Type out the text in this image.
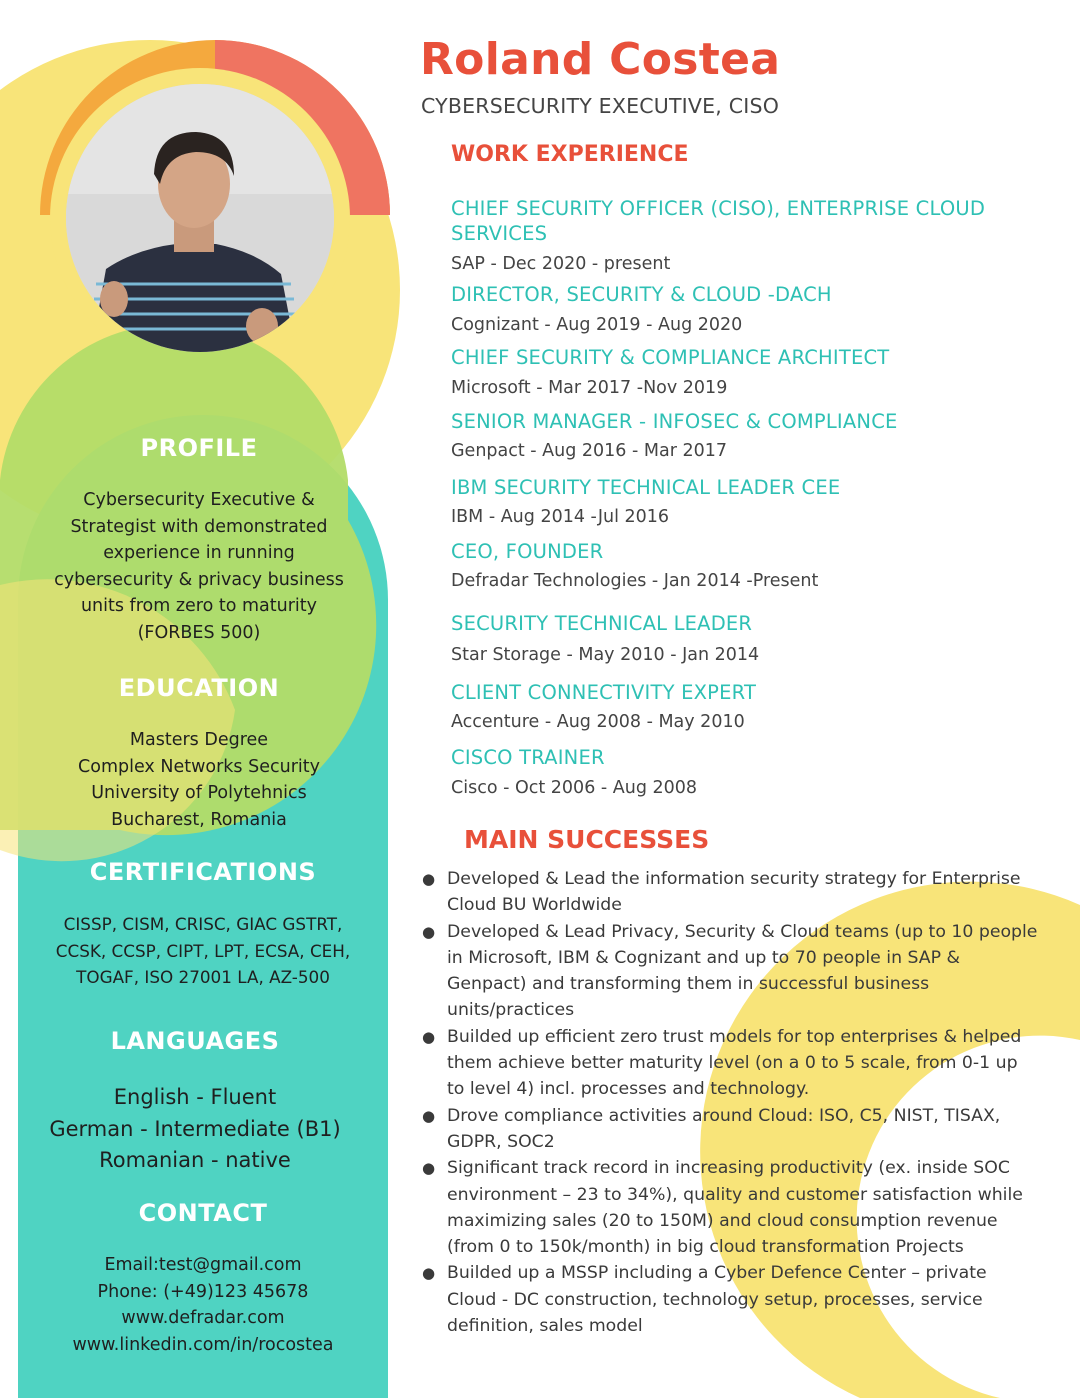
PROFILE
Cybersecurity Executive &
Strategist with demonstrated
experience in running
cybersecurity & privacy business
units from zero to maturity
(FORBES 500)
EDUCATION
Masters Degree
Complex Networks Security
University of Polytehnics
Bucharest, Romania
CERTIFICATIONS
CISSP, CISM, CRISC, GIAC GSTRT,
CCSK, CCSP, CIPT, LPT, ECSA, CEH,
TOGAF, ISO 27001 LA, AZ-500
LANGUAGES
English - Fluent
German - Intermediate (B1)
Romanian - native
CONTACT
Email:test@gmail.com
Phone: (+49)123 45678
www.defradar.com
www.linkedin.com/in/rocostea
Roland Costea
CYBERSECURITY EXECUTIVE, CISO
WORK EXPERIENCE
CHIEF SECURITY OFFICER (CISO), ENTERPRISE CLOUD
SERVICES
SAP - Dec 2020 - present
DIRECTOR, SECURITY & CLOUD -DACH
Cognizant - Aug 2019 - Aug 2020
CHIEF SECURITY & COMPLIANCE ARCHITECT
Microsoft - Mar 2017 -Nov 2019
SENIOR MANAGER - INFOSEC & COMPLIANCE
Genpact - Aug 2016 - Mar 2017
IBM SECURITY TECHNICAL LEADER CEE
IBM - Aug 2014 -Jul 2016
CEO, FOUNDER
Defradar Technologies - Jan 2014 -Present
SECURITY TECHNICAL LEADER
Star Storage - May 2010 - Jan 2014
CLIENT CONNECTIVITY EXPERT
Accenture - Aug 2008 - May 2010
CISCO TRAINER
Cisco - Oct 2006 - Aug 2008
MAIN SUCCESSES
● Developed & Lead the information security strategy for Enterprise
Cloud BU Worldwide
● Developed & Lead Privacy, Security & Cloud teams (up to 10 people
in Microsoft, IBM & Cognizant and up to 70 people in SAP &
Genpact) and transforming them in successful business
units/practices
● Builded up efficient zero trust models for top enterprises & helped
them achieve better maturity level (on a 0 to 5 scale, from 0-1 up
to level 4) incl. processes and technology.
● Drove compliance activities around Cloud: ISO, C5, NIST, TISAX,
GDPR, SOC2
● Significant track record in increasing productivity (ex. inside SOC
environment – 23 to 34%), quality and customer satisfaction while
maximizing sales (20 to 150M) and cloud consumption revenue
(from 0 to 150k/month) in big cloud transformation Projects
● Builded up a MSSP including a Cyber Defence Center – private
Cloud - DC construction, technology setup, processes, service
definition, sales model
